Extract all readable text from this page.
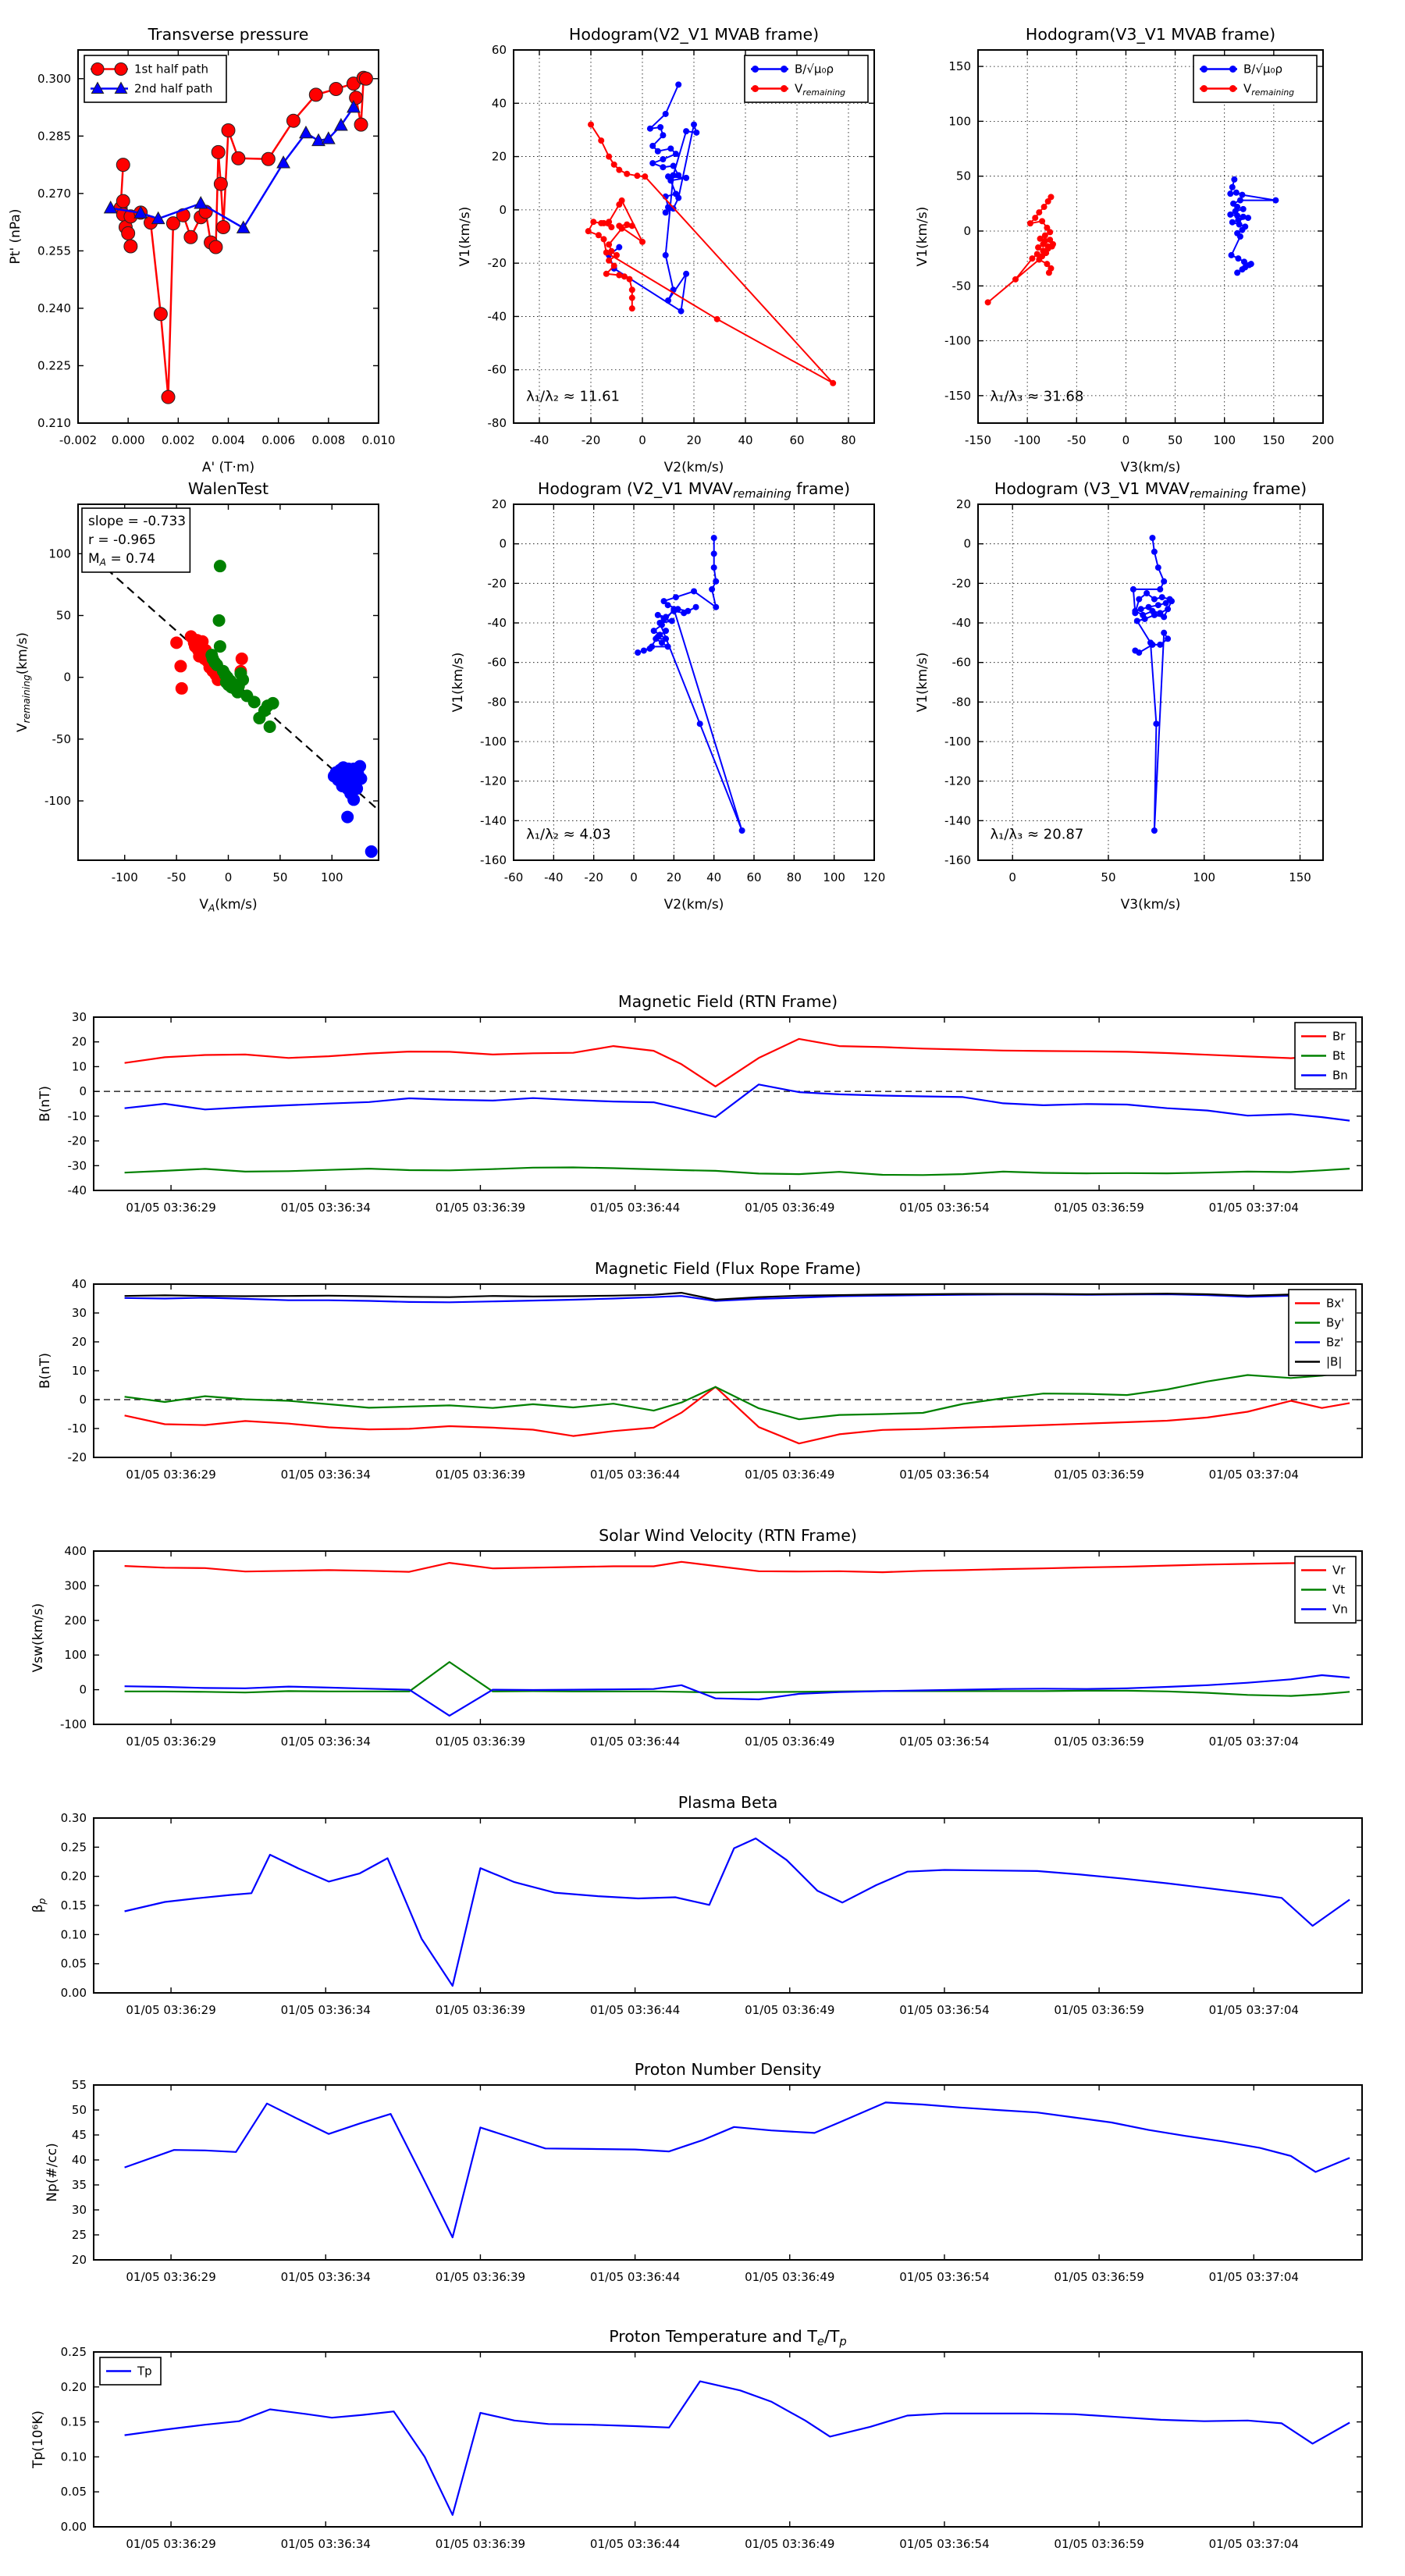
-0.002 0.000 0.002 0.004 0.006 0.008 0.010
0.210
0.225
0.240
0.255
0.270
0.285
0.300
Transverse pressure
A' (T·m)
Pt' (nPa)
1st half path
2nd half path
-40	-20	0	20	40	60	80
-80
-60
-40
-20
0
20
40
60
Hodogram(V2_V1 MVAB frame)
V2(km/s)
V1(km/s)
λ₁/λ₂ ≈ 11.61
B/√μ₀ρ
$V_{remaining}$
-150 -100 -50	0	50	100 150 200
-150
-100
-50
0
50
100
150
Hodogram(V3_V1 MVAB frame)
V3(km/s)
V1(km/s)
λ₁/λ₃ ≈ 31.68
B/√μ₀ρ
$V_{remaining}$
-100 -50	0	50	100
-100
-50
0
50
100
WalenTest
$V_A(km/s)$
$V_{remaining}(km/s)$
slope = -0.733
r = -0.965
$M_A = 0.74$
-60 -40 -20 0 20 40 60 80 100 120
-160
-140
-120
-100
-80
-60
-40
-20
0
20
Hodogram (V2_V1 $MVAV_{remaining}$ frame)
V2(km/s)
V1(km/s)
λ₁/λ₂ ≈ 4.03
0	50	100	150
-160
-140
-120
-100
-80
-60
-40
-20
0
20
Hodogram (V3_V1 $MVAV_{remaining}$ frame)
V3(km/s)
V1(km/s)
λ₁/λ₃ ≈ 20.87
01/05 03:36:29	01/05 03:36:34	01/05 03:36:39	01/05 03:36:44	01/05 03:36:49	01/05 03:36:54	01/05 03:36:59	01/05 03:37:04
-40
-30
-20
-10
0
10
20
30
Magnetic Field (RTN Frame)
B(nT)
Br
Bt
Bn
01/05 03:36:29	01/05 03:36:34	01/05 03:36:39	01/05 03:36:44	01/05 03:36:49	01/05 03:36:54	01/05 03:36:59	01/05 03:37:04
-20
-10
0
10
20
30
40
Magnetic Field (Flux Rope Frame)
B(nT)
Bx'
By'
Bz'
|B|
01/05 03:36:29	01/05 03:36:34	01/05 03:36:39	01/05 03:36:44	01/05 03:36:49	01/05 03:36:54	01/05 03:36:59	01/05 03:37:04
-100
0
100
200
300
400
Solar Wind Velocity (RTN Frame)
Vsw(km/s)
Vr
Vt
Vn
01/05 03:36:29	01/05 03:36:34	01/05 03:36:39	01/05 03:36:44	01/05 03:36:49	01/05 03:36:54	01/05 03:36:59	01/05 03:37:04
0.00
0.05
0.10
0.15
0.20
0.25
0.30
Plasma Beta
$\beta_p$
01/05 03:36:29	01/05 03:36:34	01/05 03:36:39	01/05 03:36:44	01/05 03:36:49	01/05 03:36:54	01/05 03:36:59	01/05 03:37:04
20
25
30
35
40
45
50
55
Proton Number Density
Np(#/cc)
01/05 03:36:29	01/05 03:36:34	01/05 03:36:39	01/05 03:36:44	01/05 03:36:49	01/05 03:36:54	01/05 03:36:59	01/05 03:37:04
0.00
0.05
0.10
0.15
0.20
0.25
Proton Temperature and $T_e/T_p$
Tp(10⁶K)
Tp
